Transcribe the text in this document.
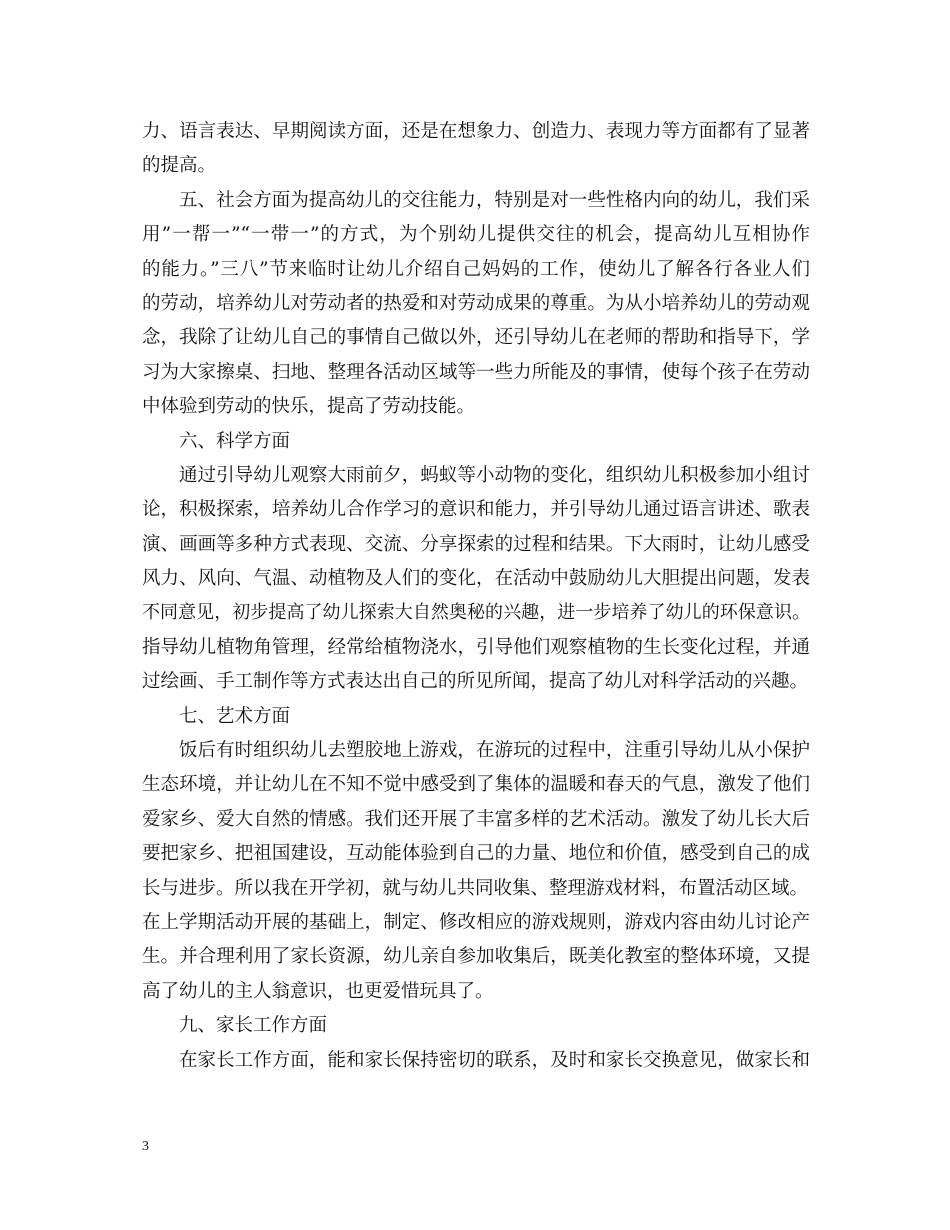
力、语言表达、早期阅读方面，还是在想象力、创造力、表现力等方面都有了显著
的提高。
五、社会方面为提高幼儿的交往能力，特别是对一些性格内向的幼儿，我们采
用”一帮一”“一带一”的方式，为个别幼儿提供交往的机会，提高幼儿互相协作
的能力。”三八”节来临时让幼儿介绍自己妈妈的工作，使幼儿了解各行各业人们
的劳动，培养幼儿对劳动者的热爱和对劳动成果的尊重。为从小培养幼儿的劳动观
念，我除了让幼儿自己的事情自己做以外，还引导幼儿在老师的帮助和指导下，学
习为大家擦桌、扫地、整理各活动区域等一些力所能及的事情，使每个孩子在劳动
中体验到劳动的快乐，提高了劳动技能。
六、科学方面
通过引导幼儿观察大雨前夕，蚂蚁等小动物的变化，组织幼儿积极参加小组讨
论，积极探索，培养幼儿合作学习的意识和能力，并引导幼儿通过语言讲述、歌表
演、画画等多种方式表现、交流、分享探索的过程和结果。下大雨时，让幼儿感受
风力、风向、气温、动植物及人们的变化，在活动中鼓励幼儿大胆提出问题，发表
不同意见，初步提高了幼儿探索大自然奥秘的兴趣，进一步培养了幼儿的环保意识。
指导幼儿植物角管理，经常给植物浇水，引导他们观察植物的生长变化过程，并通
过绘画、手工制作等方式表达出自己的所见所闻，提高了幼儿对科学活动的兴趣。
七、艺术方面
饭后有时组织幼儿去塑胶地上游戏，在游玩的过程中，注重引导幼儿从小保护
生态环境，并让幼儿在不知不觉中感受到了集体的温暖和春天的气息，激发了他们
爱家乡、爱大自然的情感。我们还开展了丰富多样的艺术活动。激发了幼儿长大后
要把家乡、把祖国建设，互动能体验到自己的力量、地位和价值，感受到自己的成
长与进步。所以我在开学初，就与幼儿共同收集、整理游戏材料，布置活动区域。
在上学期活动开展的基础上，制定、修改相应的游戏规则，游戏内容由幼儿讨论产
生。并合理利用了家长资源，幼儿亲自参加收集后，既美化教室的整体环境，又提
高了幼儿的主人翁意识，也更爱惜玩具了。
九、家长工作方面
在家长工作方面，能和家长保持密切的联系，及时和家长交换意见，做家长和
3
